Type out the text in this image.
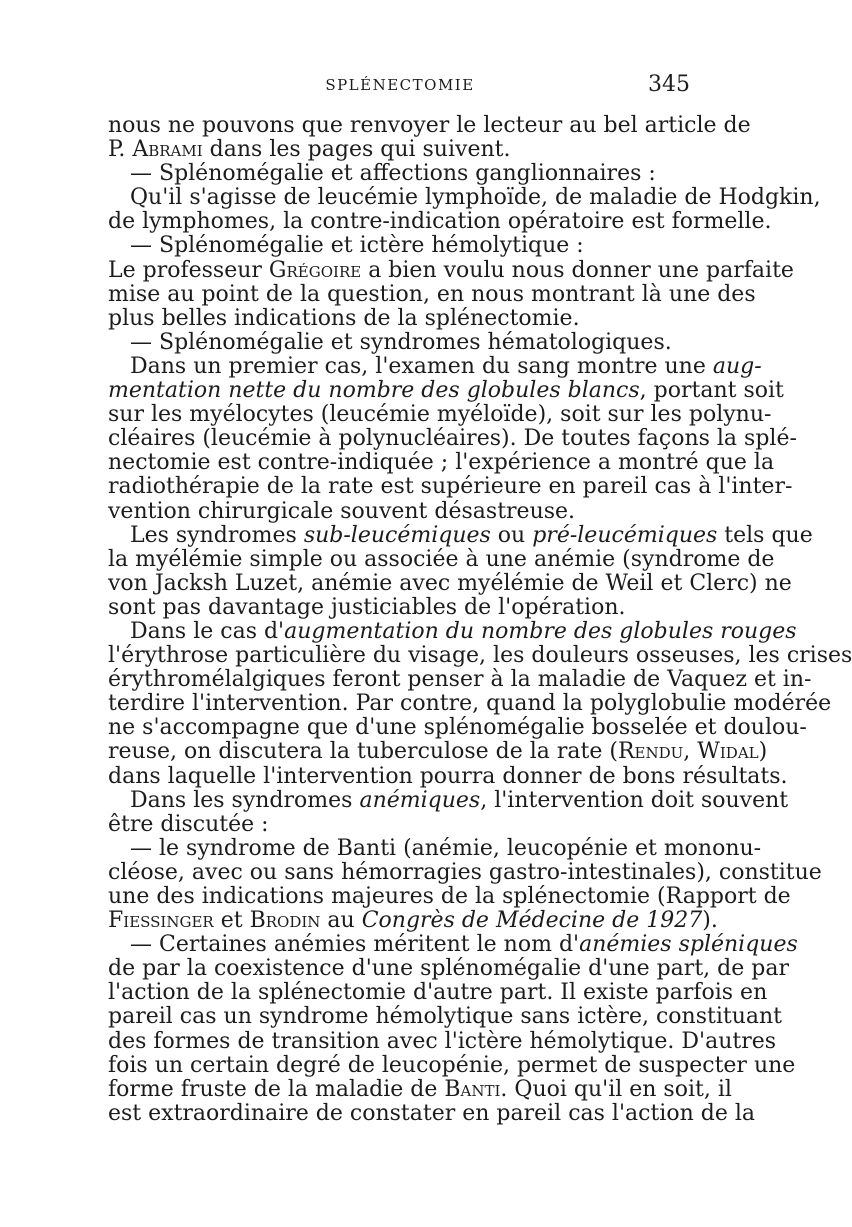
SPLÉNECTOMIE	345
nous ne pouvons que renvoyer le lecteur au bel article de
P. Abrami dans les pages qui suivent.
— Splénomégalie et affections ganglionnaires :
Qu'il s'agisse de leucémie lymphoïde, de maladie de Hodgkin,
de lymphomes, la contre-indication opératoire est formelle.
— Splénomégalie et ictère hémolytique :
Le professeur Grégoire a bien voulu nous donner une parfaite
mise au point de la question, en nous montrant là une des
plus belles indications de la splénectomie.
— Splénomégalie et syndromes hématologiques.
Dans un premier cas, l'examen du sang montre une aug-
mentation nette du nombre des globules blancs, portant soit
sur les myélocytes (leucémie myéloïde), soit sur les polynu-
cléaires (leucémie à polynucléaires). De toutes façons la splé-
nectomie est contre-indiquée ; l'expérience a montré que la
radiothérapie de la rate est supérieure en pareil cas à l'inter-
vention chirurgicale souvent désastreuse.
Les syndromes sub-leucémiques ou pré-leucémiques tels que
la myélémie simple ou associée à une anémie (syndrome de
von Jacksh Luzet, anémie avec myélémie de Weil et Clerc) ne
sont pas davantage justiciables de l'opération.
Dans le cas d'augmentation du nombre des globules rouges
l'érythrose particulière du visage, les douleurs osseuses, les crises
érythromélalgiques feront penser à la maladie de Vaquez et in-
terdire l'intervention. Par contre, quand la polyglobulie modérée
ne s'accompagne que d'une splénomégalie bosselée et doulou-
reuse, on discutera la tuberculose de la rate (Rendu, Widal)
dans laquelle l'intervention pourra donner de bons résultats.
Dans les syndromes anémiques, l'intervention doit souvent
être discutée :
— le syndrome de Banti (anémie, leucopénie et mononu-
cléose, avec ou sans hémorragies gastro-intestinales), constitue
une des indications majeures de la splénectomie (Rapport de
Fiessinger et Brodin au Congrès de Médecine de 1927).
— Certaines anémies méritent le nom d'anémies spléniques
de par la coexistence d'une splénomégalie d'une part, de par
l'action de la splénectomie d'autre part. Il existe parfois en
pareil cas un syndrome hémolytique sans ictère, constituant
des formes de transition avec l'ictère hémolytique. D'autres
fois un certain degré de leucopénie, permet de suspecter une
forme fruste de la maladie de Banti. Quoi qu'il en soit, il
est extraordinaire de constater en pareil cas l'action de la
